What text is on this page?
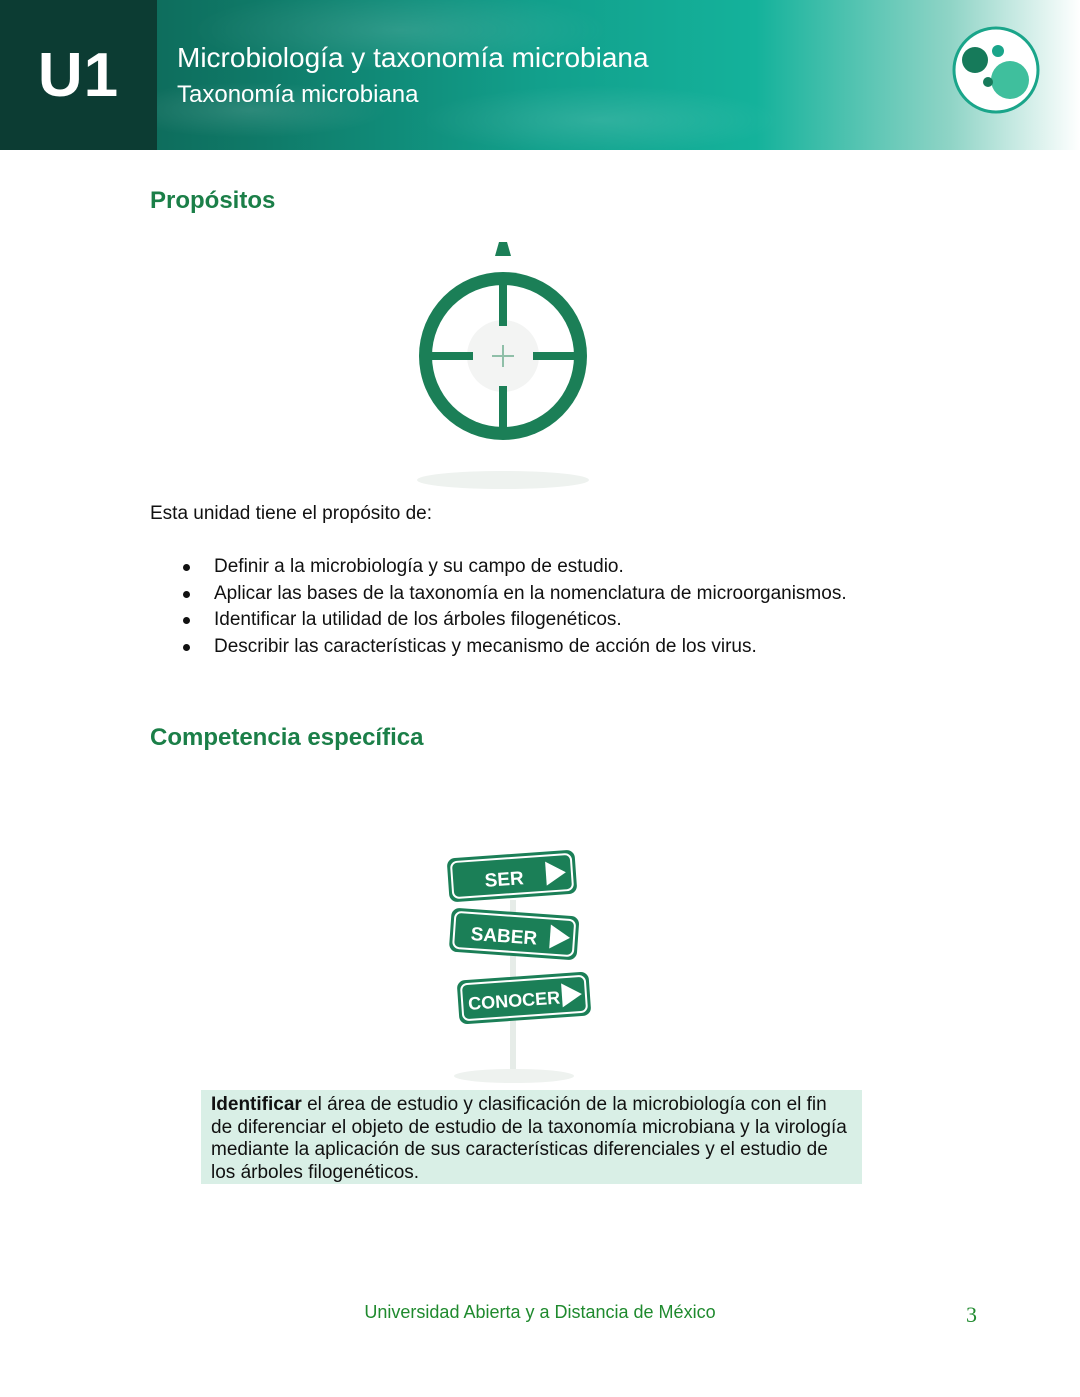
U1 Microbiología y taxonomía microbiana
Taxonomía microbiana
Propósitos

Esta unidad tiene el propósito de:

Definir a la microbiología y su campo de estudio.
Aplicar las bases de la taxonomía en la nomenclatura de microorganismos.
Identificar la utilidad de los árboles filogenéticos.
Describir las características y mecanismo de acción de los virus.
Competencia específica
SER
SABER
CONOCER
Identificar el área de estudio y clasificación de la microbiología con el fin de diferenciar el objeto de estudio de la taxonomía microbiana y la virología mediante la aplicación de sus características diferenciales y el estudio de los árboles filogenéticos.
Universidad Abierta y a Distancia de México	3
